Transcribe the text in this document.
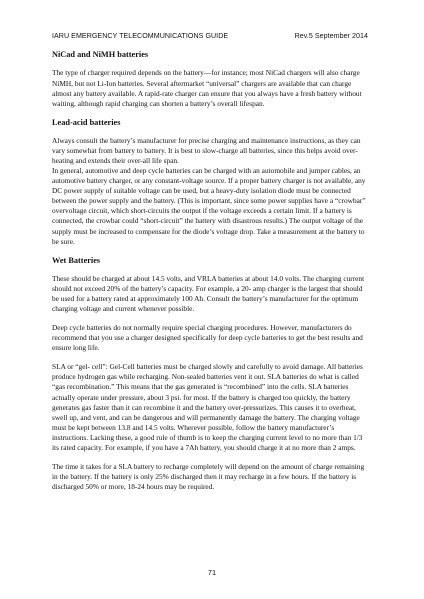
IARU EMERGENCY TELECOMMUNICATIONS GUIDE	Rev.5 September 2014
NiCad and NiMH batteries

The type of charger required depends on the battery—for instance; most NiCad chargers will also charge NiMH, but not Li-Ion batteries. Several aftermarket “universal” chargers are available that can charge almost any battery available. A rapid-rate charger can ensure that you always have a fresh battery without waiting, although rapid charging can shorten a battery’s overall lifespan.

Lead-acid batteries

Always consult the battery’s manufacturer for precise charging and maintenance instructions, as they can vary somewhat from battery to battery. It is best to slow-charge all batteries, since this helps avoid over-heating and extends their over-all life span.
In general, automotive and deep cycle batteries can be charged with an automobile and jumper cables, an automotive battery charger, or any constant-voltage source. If a proper battery charger is not available, any DC power supply of suitable voltage can be used, but a heavy-duty isolation diode must be connected between the power supply and the battery. (This is important, since some power supplies have a “crowbar” overvoltage circuit, which short-circuits the output if the voltage exceeds a certain limit. If a battery is connected, the crowbar could “short-circuit” the battery with disastrous results.) The output voltage of the supply must be increased to compensate for the diode’s voltage drop. Take a measurement at the battery to be sure.

Wet Batteries

These should be charged at about 14.5 volts, and VRLA batteries at about 14.0 volts. The charging current should not exceed 20% of the battery’s capacity. For example, a 20- amp charger is the largest that should be used for a battery rated at approximately 100 Ah. Consult the battery’s manufacturer for the optimum charging voltage and current whenever possible.

Deep cycle batteries do not normally require special charging procedures. However, manufacturers do recommend that you use a charger designed specifically for deep cycle batteries to get the best results and ensure long life.

SLA or “gel- cell”: Gel-Cell batteries must be charged slowly and carefully to avoid damage. All batteries produce hydrogen gas while recharging. Non-sealed batteries vent it out. SLA batteries do what is called “gas recombination.” This means that the gas generated is “recombined” into the cells. SLA batteries actually operate under pressure, about 3 psi. for most. If the battery is charged too quickly, the battery generates gas faster than it can recombine it and the battery over-pressurizes. This causes it to overheat, swell up, and vent, and can be dangerous and will permanently damage the battery. The charging voltage must be kept between 13.8 and 14.5 volts. Wherever possible, follow the battery manufacturer’s instructions. Lacking these, a good rule of thumb is to keep the charging current level to no more than 1/3 its rated capacity. For example, if you have a 7Ah battery, you should charge it at no more than 2 amps.

The time it takes for a SLA battery to recharge completely will depend on the amount of charge remaining in the battery. If the battery is only 25% discharged then it may recharge in a few hours. If the battery is discharged 50% or more, 18-24 hours may be required.

71
